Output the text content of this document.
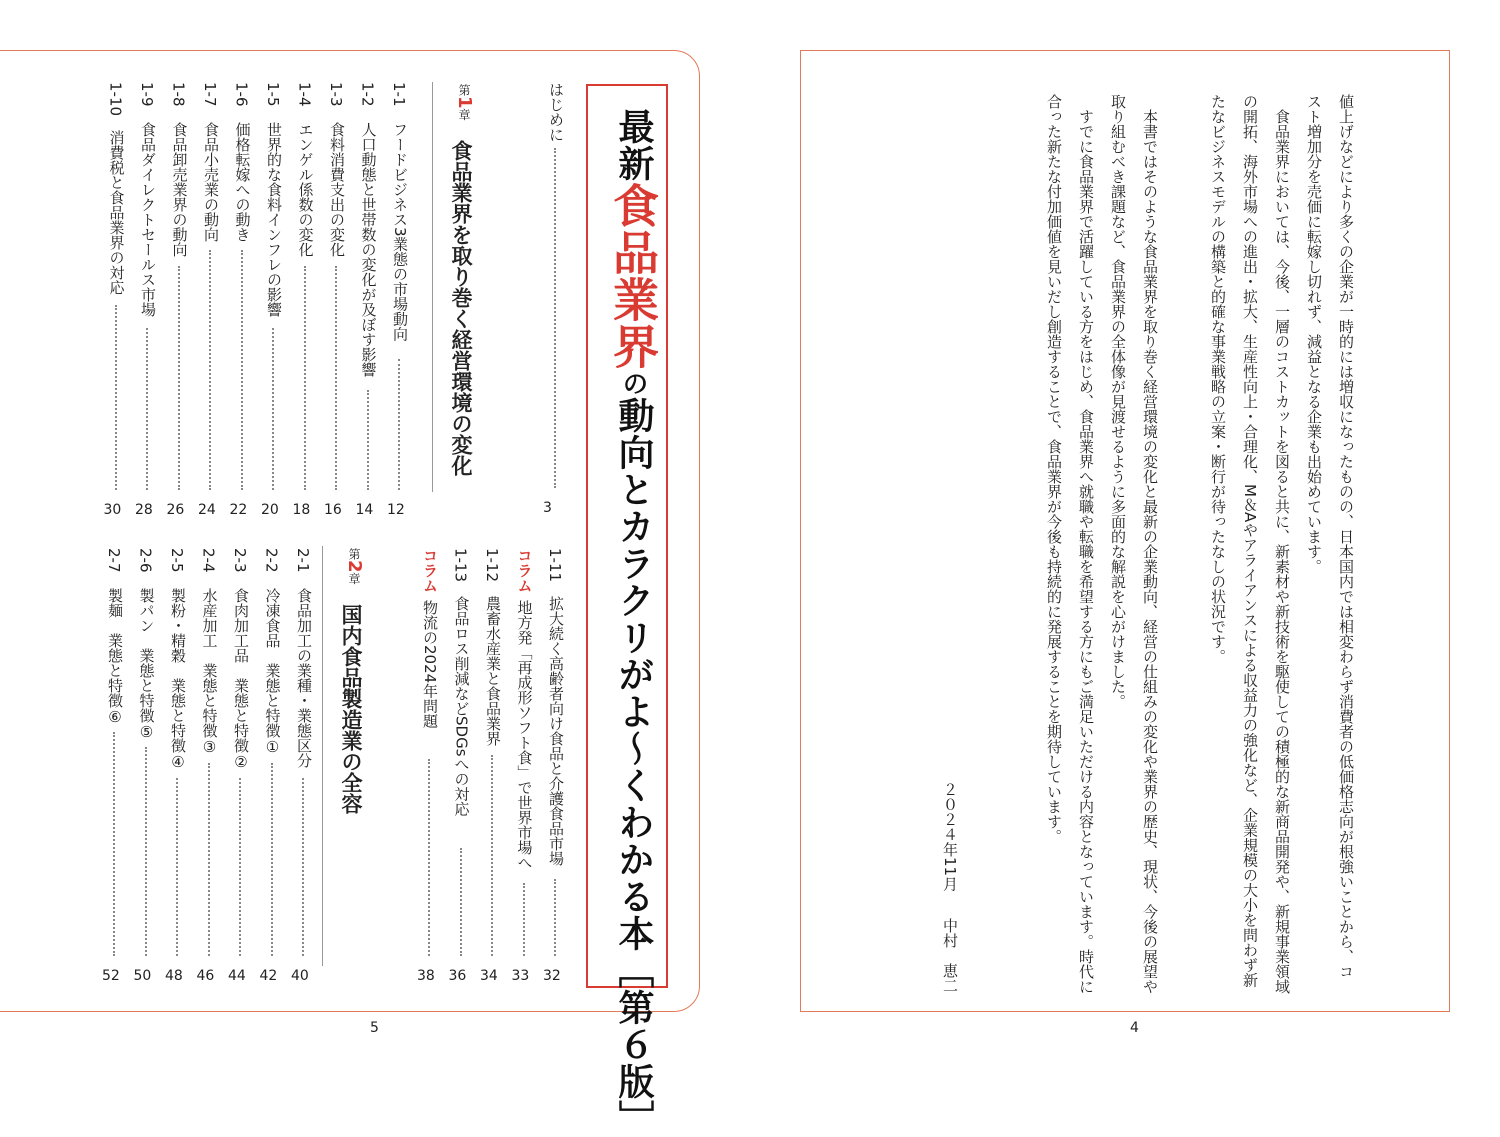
最新食品業界の動向とカラクリがよ〜くわかる本［第６版］
はじめに
3
第1章
食品業界を取り巻く経営環境の変化
1-1
フードビジネス3業態の市場動向
12
1-2
人口動態と世帯数の変化が及ぼす影響
14
1-3
食料消費支出の変化
16
1-4
エンゲル係数の変化
18
1-5
世界的な食料インフレの影響
20
1-6
価格転嫁への動き
22
1-7
食品小売業の動向
24
1-8
食品卸売業界の動向
26
1-9
食品ダイレクトセールス市場
28
1-10
消費税と食品業界の対応
30
1-11
拡大続く高齢者向け食品と介護食品市場
32
コラム
地方発「再成形ソフト食」で世界市場へ
33
1-12
農畜水産業と食品業界
34
1-13
食品ロス削減などSDGsへの対応
36
コラム
物流の2024年問題
38
第2章
国内食品製造業の全容
2-1
食品加工の業種・業態区分
40
2-2
冷凍食品　業態と特徴①
42
2-3
食肉加工品　業態と特徴②
44
2-4
水産加工　業態と特徴③
46
2-5
製粉・精穀　業態と特徴④
48
2-6
製パン　業態と特徴⑤
50
2-7
製麺　業態と特徴⑥
52	値上げなどにより多くの企業が一時的には増収になったものの、日本国内では相変わらず消費者の低価格志向が根強いことから、コ
スト増加分を売価に転嫁し切れず、減益となる企業も出始めています。
　食品業界においては、今後、一層のコストカットを図ると共に、新素材や新技術を駆使しての積極的な新商品開発や、新規事業領域
の開拓、海外市場への進出・拡大、生産性向上・合理化、M＆Aやアライアンスによる収益力の強化など、企業規模の大小を問わず新
たなビジネスモデルの構築と的確な事業戦略の立案・断行が待ったなしの状況です。
　本書ではそのような食品業界を取り巻く経営環境の変化と最新の企業動向、経営の仕組みの変化や業界の歴史、現状、今後の展望や
取り組むべき課題など、食品業界の全体像が見渡せるように多面的な解説を心がけました。
　すでに食品業界で活躍している方をはじめ、食品業界へ就職や転職を希望する方にもご満足いただける内容となっています。時代に
合った新たな付加価値を見いだし創造することで、食品業界が今後も持続的に発展することを期待しています。
２０２４年11月
中村　恵二
5	4
